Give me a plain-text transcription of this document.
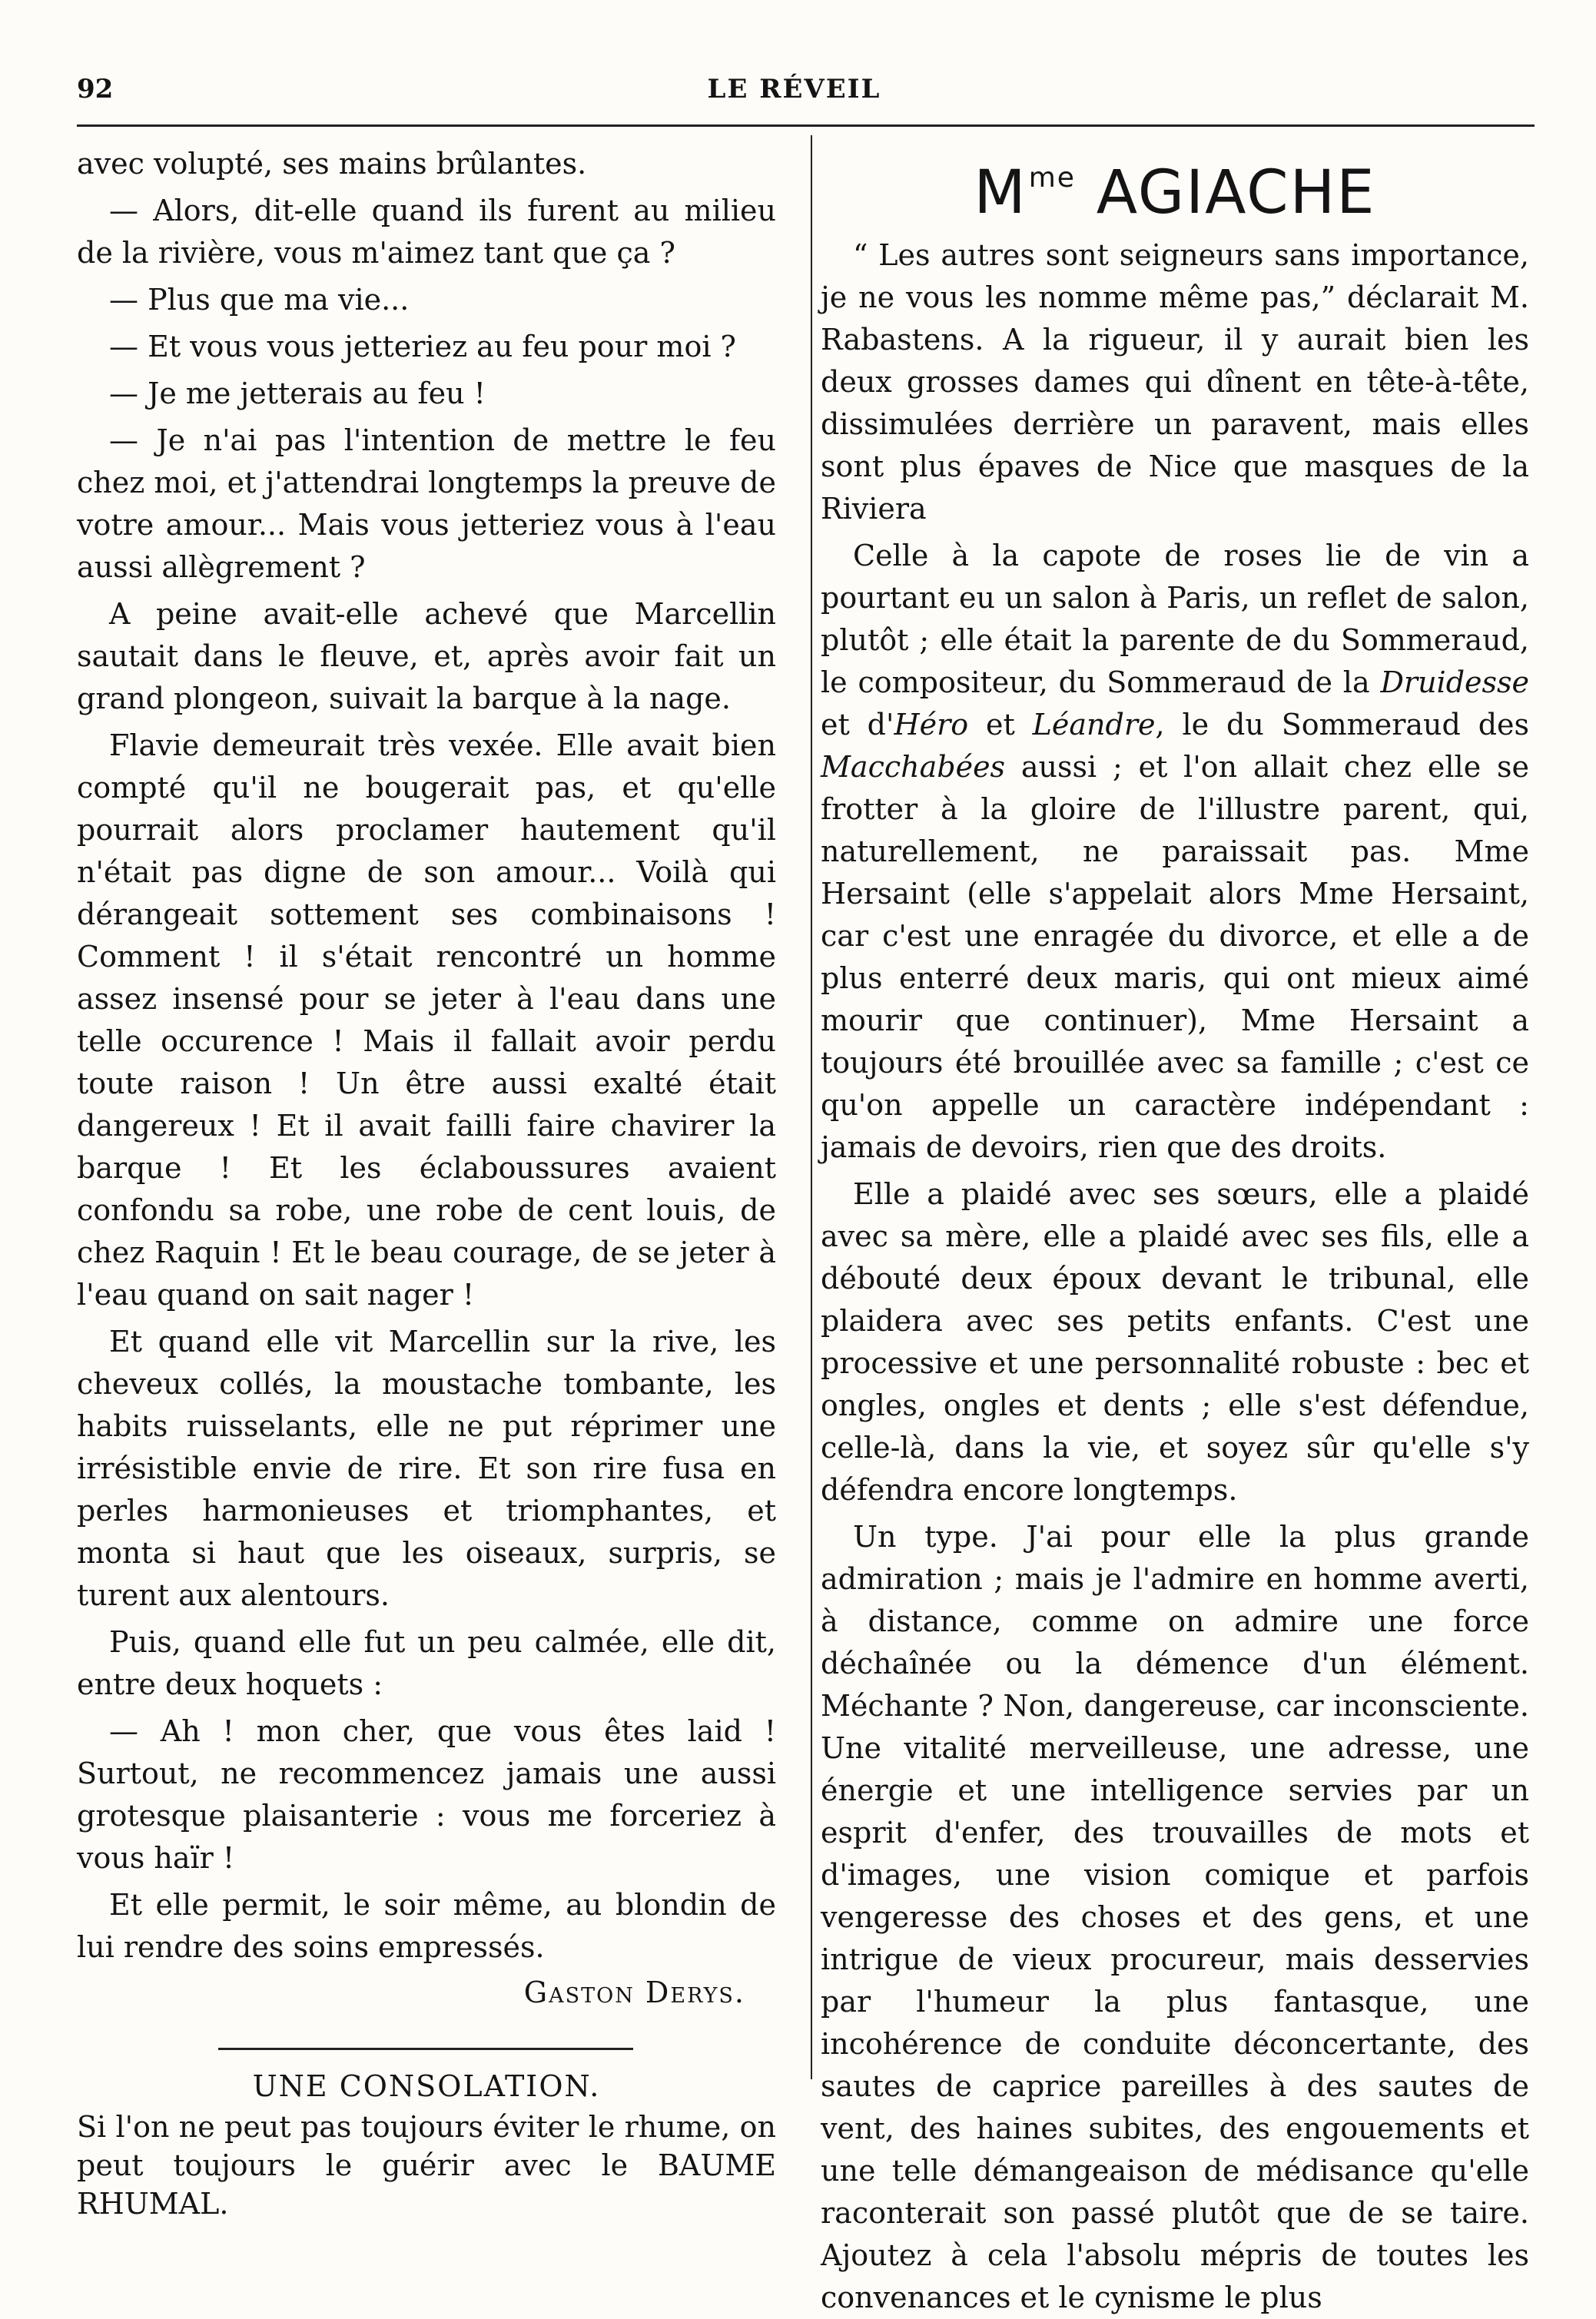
92	LE RÉVEIL

avec volupté, ses mains brûlantes.

— Alors, dit-elle quand ils furent au milieu de la rivière, vous m'aimez tant que ça ?

— Plus que ma vie...

— Et vous vous jetteriez au feu pour moi ?

— Je me jetterais au feu !

— Je n'ai pas l'intention de mettre le feu chez moi, et j'attendrai longtemps la preuve de votre amour... Mais vous jetteriez vous à l'eau aussi allègrement ?

A peine avait-elle achevé que Marcellin sautait dans le fleuve, et, après avoir fait un grand plongeon, suivait la barque à la nage.

Flavie demeurait très vexée. Elle avait bien compté qu'il ne bougerait pas, et qu'elle pourrait alors proclamer hautement qu'il n'était pas digne de son amour... Voilà qui dérangeait sottement ses combinaisons ! Comment ! il s'était rencontré un homme assez insensé pour se jeter à l'eau dans une telle occurence ! Mais il fallait avoir perdu toute raison ! Un être aussi exalté était dangereux ! Et il avait failli faire chavirer la barque ! Et les éclaboussures avaient confondu sa robe, une robe de cent louis, de chez Raquin ! Et le beau courage, de se jeter à l'eau quand on sait nager !

Et quand elle vit Marcellin sur la rive, les cheveux collés, la moustache tombante, les habits ruisselants, elle ne put réprimer une irrésistible envie de rire. Et son rire fusa en perles harmonieuses et triomphantes, et monta si haut que les oiseaux, surpris, se turent aux alentours.

Puis, quand elle fut un peu calmée, elle dit, entre deux hoquets :

— Ah ! mon cher, que vous êtes laid ! Surtout, ne recommencez jamais une aussi grotesque plaisanterie : vous me forceriez à vous haïr !

Et elle permit, le soir même, au blondin de lui rendre des soins empressés.

Gaston Derys.
UNE CONSOLATION.

Si l'on ne peut pas toujours éviter le rhume, on peut toujours le guérir avec le BAUME RHUMAL.

$M^{me}$ AGIACHE

“ Les autres sont seigneurs sans importance, je ne vous les nomme même pas,” déclarait M. Rabastens. A la rigueur, il y aurait bien les deux grosses dames qui dînent en tête-à-tête, dissimulées derrière un paravent, mais elles sont plus épaves de Nice que masques de la Riviera

Celle à la capote de roses lie de vin a pourtant eu un salon à Paris, un reflet de salon, plutôt ; elle était la parente de du Sommeraud, le compositeur, du Sommeraud de la Druidesse et d'Héro et Léandre, le du Sommeraud des Macchabées aussi ; et l'on allait chez elle se frotter à la gloire de l'illustre parent, qui, naturellement, ne paraissait pas. Mme Hersaint (elle s'appelait alors Mme Hersaint, car c'est une enragée du divorce, et elle a de plus enterré deux maris, qui ont mieux aimé mourir que continuer), Mme Hersaint a toujours été brouillée avec sa famille ; c'est ce qu'on appelle un caractère indépendant : jamais de devoirs, rien que des droits.

Elle a plaidé avec ses sœurs, elle a plaidé avec sa mère, elle a plaidé avec ses fils, elle a débouté deux époux devant le tribunal, elle plaidera avec ses petits enfants. C'est une processive et une personnalité robuste : bec et ongles, ongles et dents ; elle s'est défendue, celle-là, dans la vie, et soyez sûr qu'elle s'y défendra encore longtemps.

Un type. J'ai pour elle la plus grande admiration ; mais je l'admire en homme averti, à distance, comme on admire une force déchaînée ou la démence d'un élément. Méchante ? Non, dangereuse, car inconsciente. Une vitalité merveilleuse, une adresse, une énergie et une intelligence servies par un esprit d'enfer, des trouvailles de mots et d'images, une vision comique et parfois vengeresse des choses et des gens, et une intrigue de vieux procureur, mais desservies par l'humeur la plus fantasque, une incohérence de conduite déconcertante, des sautes de caprice pareilles à des sautes de vent, des haines subites, des engouements et une telle démangeaison de médisance qu'elle raconterait son passé plutôt que de se taire. Ajoutez à cela l'absolu mépris de toutes les convenances et le cynisme le plus
